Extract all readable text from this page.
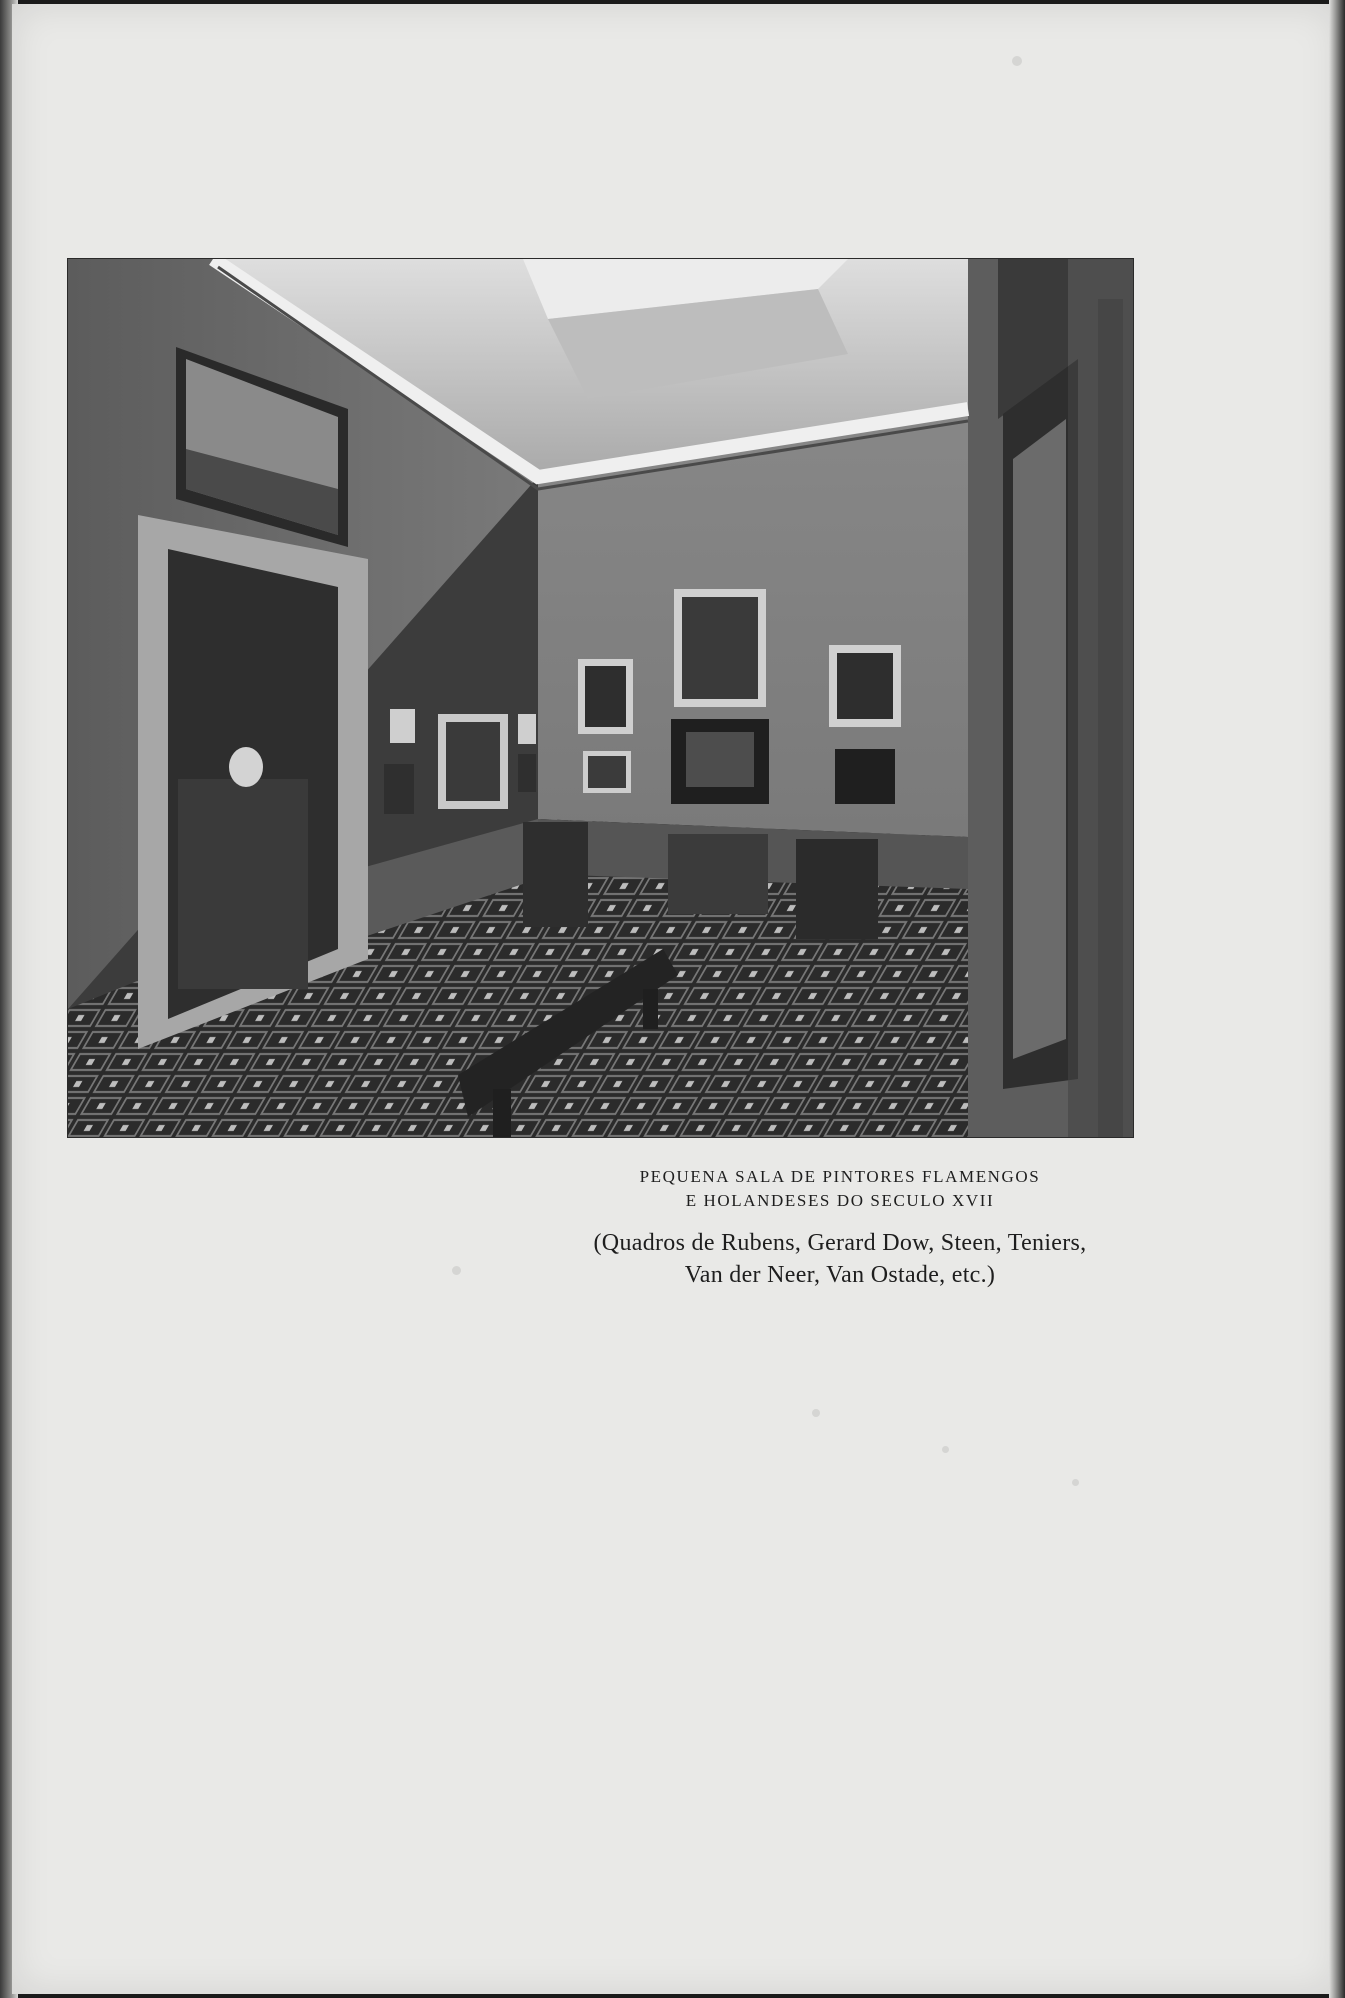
PEQUENA SALA DE PINTORES FLAMENGOS
E HOLANDESES DO SECULO XVII
(Quadros de Rubens, Gerard Dow, Steen, Teniers,
Van der Neer, Van Ostade, etc.)
